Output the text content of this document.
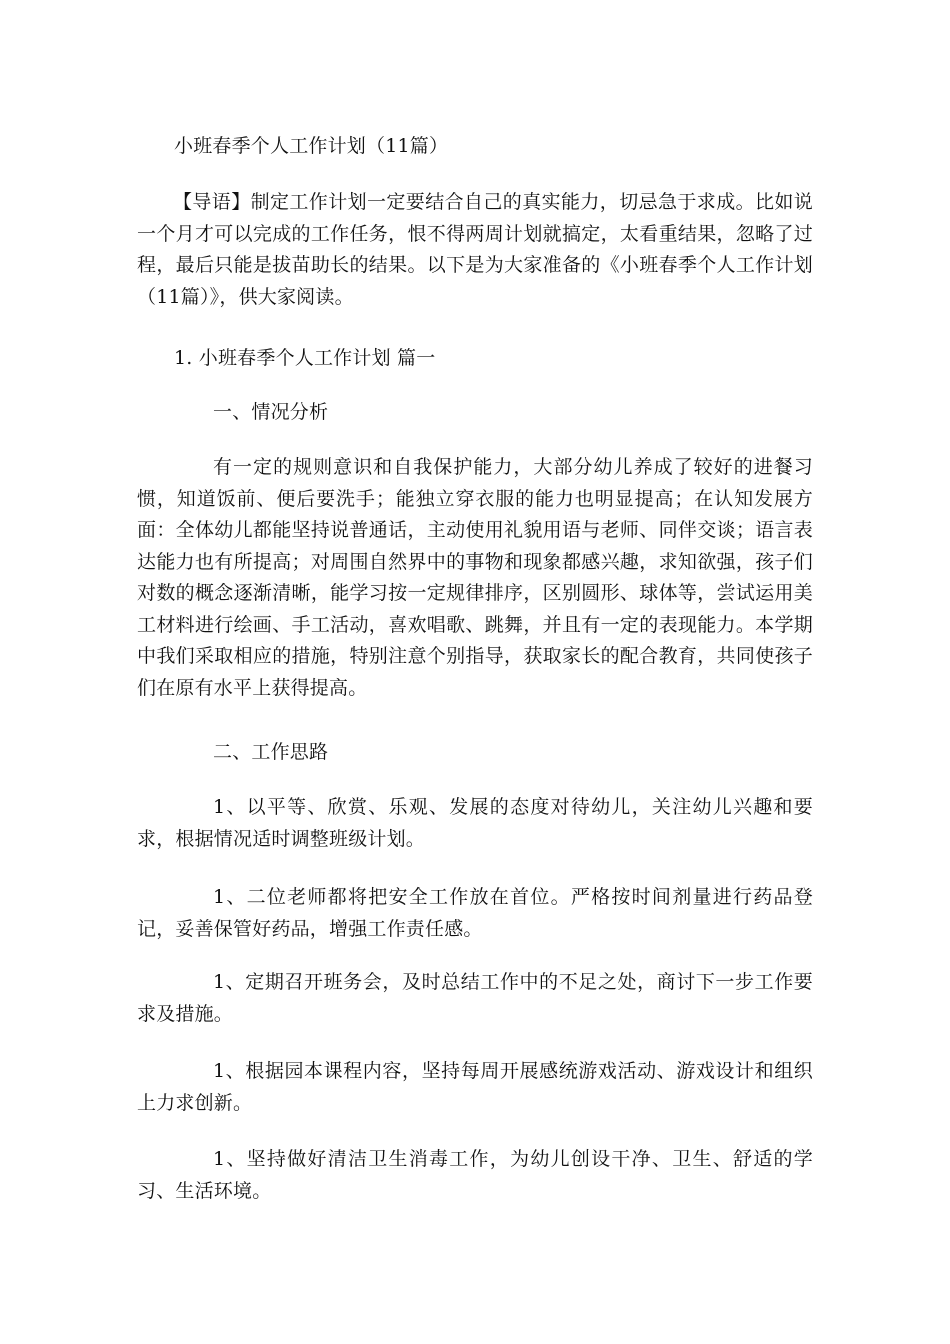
小班春季个人工作计划（11篇）

【导语】制定工作计划一定要结合自己的真实能力，切忌急于求成。比如说一个月才可以完成的工作任务，恨不得两周计划就搞定，太看重结果，忽略了过程，最后只能是拔苗助长的结果。以下是为大家准备的《小班春季个人工作计划（11篇）》，供大家阅读。

1. 小班春季个人工作计划 篇一

一、情况分析

有一定的规则意识和自我保护能力，大部分幼儿养成了较好的进餐习惯，知道饭前、便后要洗手；能独立穿衣服的能力也明显提高；在认知发展方面：全体幼儿都能坚持说普通话，主动使用礼貌用语与老师、同伴交谈；语言表达能力也有所提高；对周围自然界中的事物和现象都感兴趣，求知欲强，孩子们对数的概念逐渐清晰，能学习按一定规律排序，区别圆形、球体等，尝试运用美工材料进行绘画、手工活动，喜欢唱歌、跳舞，并且有一定的表现能力。本学期中我们采取相应的措施，特别注意个别指导，获取家长的配合教育，共同使孩子们在原有水平上获得提高。

二、工作思路

1、以平等、欣赏、乐观、发展的态度对待幼儿，关注幼儿兴趣和要求，根据情况适时调整班级计划。

1、二位老师都将把安全工作放在首位。严格按时间剂量进行药品登记，妥善保管好药品，增强工作责任感。

1、定期召开班务会，及时总结工作中的不足之处，商讨下一步工作要求及措施。

1、根据园本课程内容，坚持每周开展感统游戏活动、游戏设计和组织上力求创新。

1、坚持做好清洁卫生消毒工作，为幼儿创设干净、卫生、舒适的学习、生活环境。
